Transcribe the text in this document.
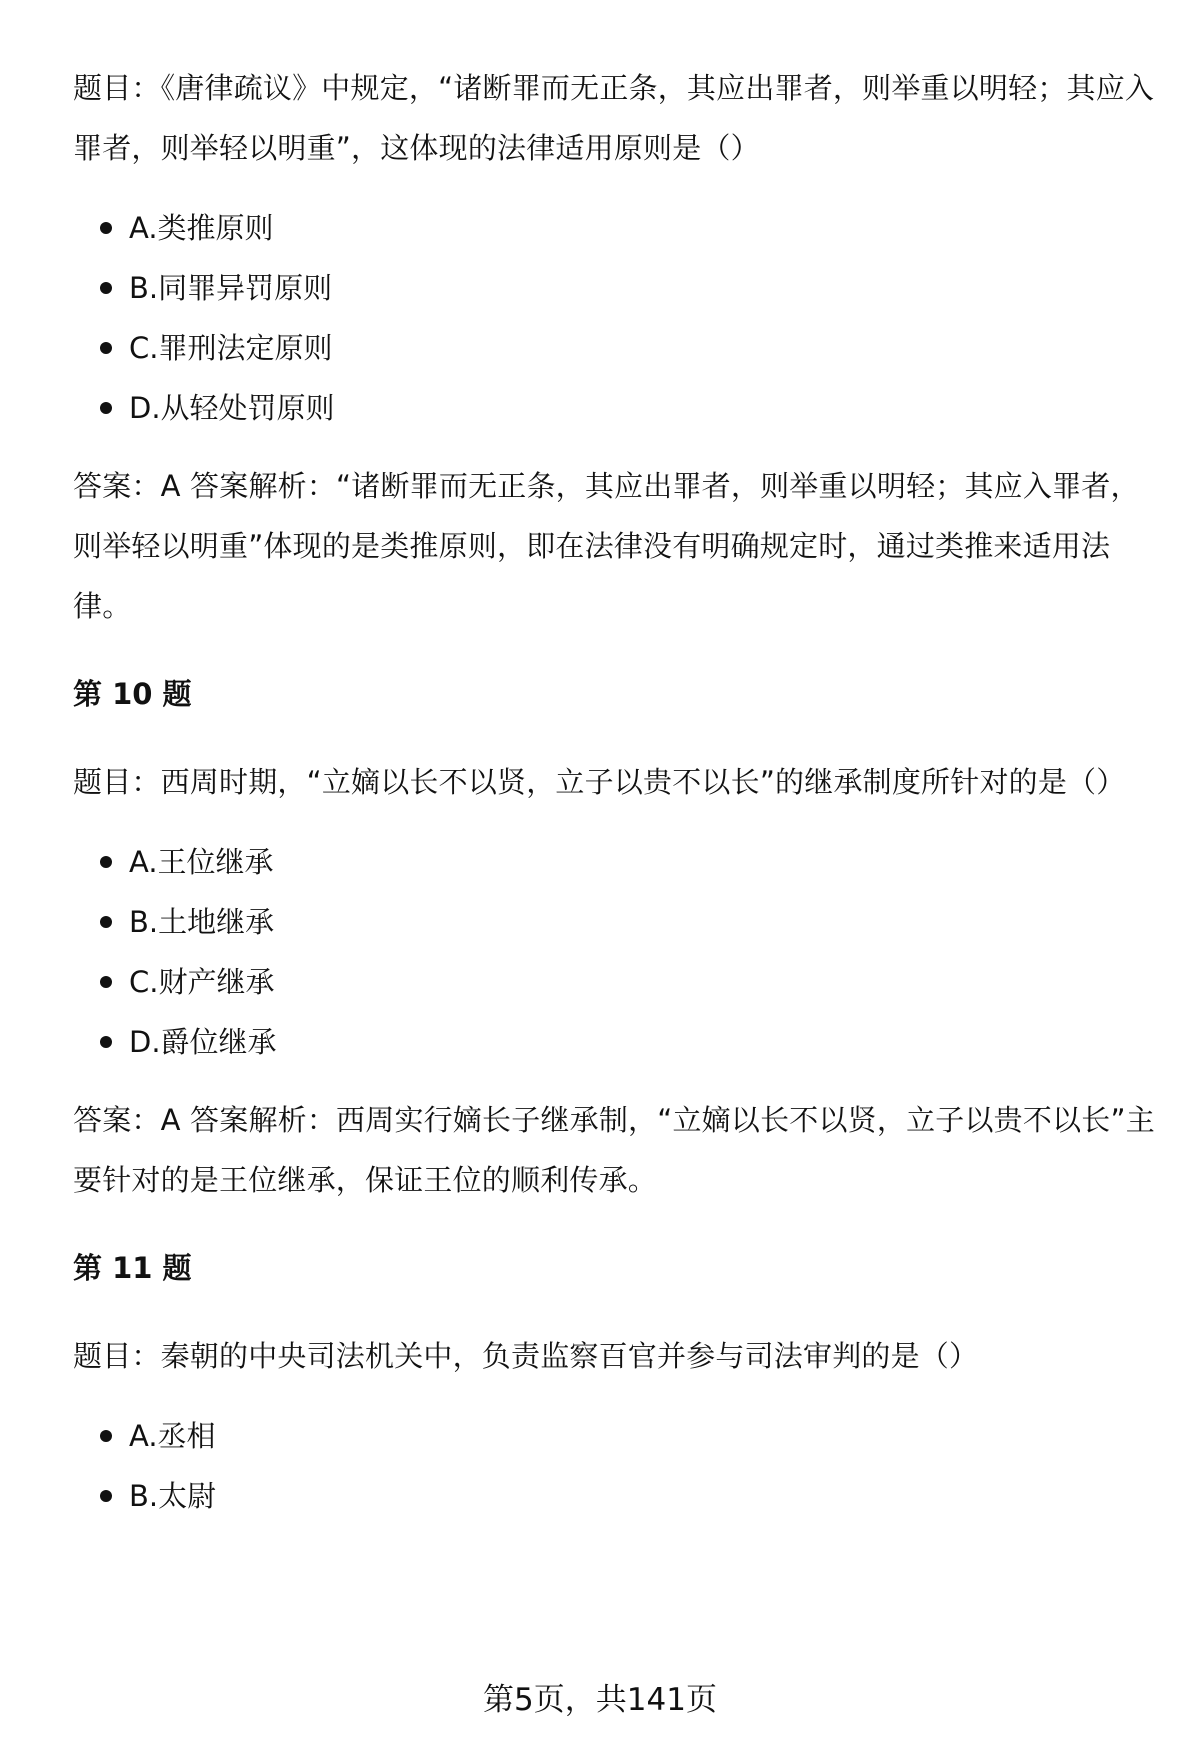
题目：《唐律疏议》中规定，“诸断罪而无正条，其应出罪者，则举重以明轻；其应入罪者，则举轻以明重”，这体现的法律适用原则是（）

A.类推原则
B.同罪异罚原则
C.罪刑法定原则
D.从轻处罚原则

答案：A 答案解析：“诸断罪而无正条，其应出罪者，则举重以明轻；其应入罪者，则举轻以明重”体现的是类推原则，即在法律没有明确规定时，通过类推来适用法律。

第 10 题

题目：西周时期，“立嫡以长不以贤，立子以贵不以长”的继承制度所针对的是（）

A.王位继承
B.土地继承
C.财产继承
D.爵位继承

答案：A 答案解析：西周实行嫡长子继承制，“立嫡以长不以贤，立子以贵不以长”主要针对的是王位继承，保证王位的顺利传承。

第 11 题

题目：秦朝的中央司法机关中，负责监察百官并参与司法审判的是（）

A.丞相
B.太尉
第5页，共141页
